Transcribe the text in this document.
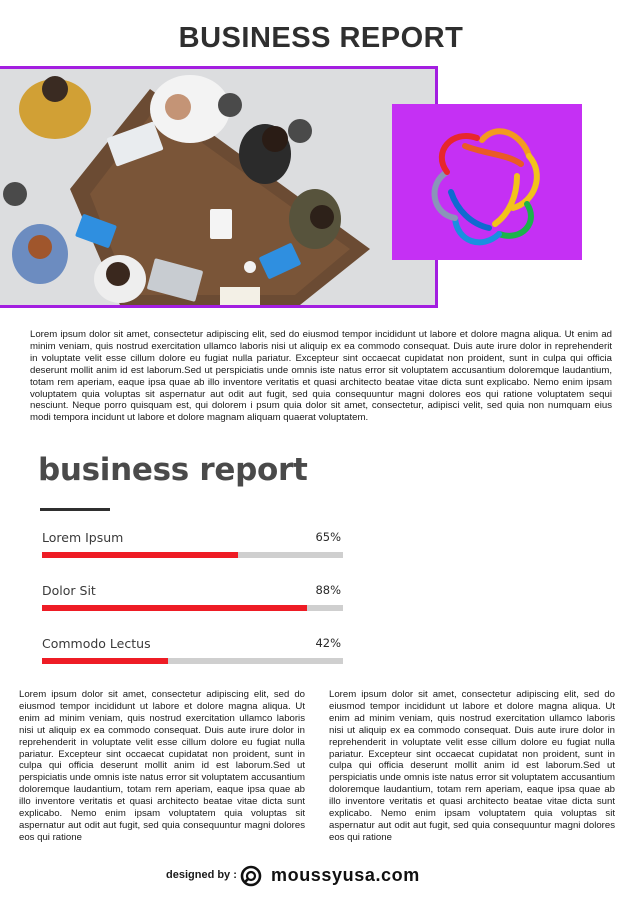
BUSINESS REPORT

Lorem ipsum dolor sit amet, consectetur adipiscing elit, sed do eiusmod tempor incididunt ut labore et dolore magna aliqua. Ut enim ad minim veniam, quis nostrud exercitation ullamco laboris nisi ut aliquip ex ea commodo consequat. Duis aute irure dolor in reprehenderit in voluptate velit esse cillum dolore eu fugiat nulla pariatur. Excepteur sint occaecat cupidatat non proident, sunt in culpa qui officia deserunt mollit anim id est laborum.Sed ut perspiciatis unde omnis iste natus error sit voluptatem accusantium doloremque laudantium, totam rem aperiam, eaque ipsa quae ab illo inventore veritatis et quasi architecto beatae vitae dicta sunt explicabo. Nemo enim ipsam voluptatem quia voluptas sit aspernatur aut odit aut fugit, sed quia consequuntur magni dolores eos qui ratione voluptatem sequi nesciunt. Neque porro quisquam est, qui dolorem i psum quia dolor sit amet, consectetur, adipisci velit, sed quia non numquam eius modi tempora incidunt ut labore et dolore magnam aliquam quaerat voluptatem.

business report
Lorem Ipsum	65%
Dolor Sit	88%
Commodo Lectus	42%

Lorem ipsum dolor sit amet, consectetur adipiscing elit, sed do eiusmod tempor incididunt ut labore et dolore magna aliqua. Ut enim ad minim veniam, quis nostrud exercitation ullamco laboris nisi ut aliquip ex ea commodo consequat. Duis aute irure dolor in reprehenderit in voluptate velit esse cillum dolore eu fugiat nulla pariatur. Excepteur sint occaecat cupidatat non proident, sunt in culpa qui officia deserunt mollit anim id est laborum.Sed ut perspiciatis unde omnis iste natus error sit voluptatem accusantium doloremque laudantium, totam rem aperiam, eaque ipsa quae ab illo inventore veritatis et quasi architecto beatae vitae dicta sunt explicabo. Nemo enim ipsam voluptatem quia voluptas sit aspernatur aut odit aut fugit, sed quia consequuntur magni dolores eos qui ratione

Lorem ipsum dolor sit amet, consectetur adipiscing elit, sed do eiusmod tempor incididunt ut labore et dolore magna aliqua. Ut enim ad minim veniam, quis nostrud exercitation ullamco laboris nisi ut aliquip ex ea commodo consequat. Duis aute irure dolor in reprehenderit in voluptate velit esse cillum dolore eu fugiat nulla pariatur. Excepteur sint occaecat cupidatat non proident, sunt in culpa qui officia deserunt mollit anim id est laborum.Sed ut perspiciatis unde omnis iste natus error sit voluptatem accusantium doloremque laudantium, totam rem aperiam, eaque ipsa quae ab illo inventore veritatis et quasi architecto beatae vitae dicta sunt explicabo. Nemo enim ipsam voluptatem quia voluptas sit aspernatur aut odit aut fugit, sed quia consequuntur magni dolores eos qui ratione

designed by : moussyusa.com
